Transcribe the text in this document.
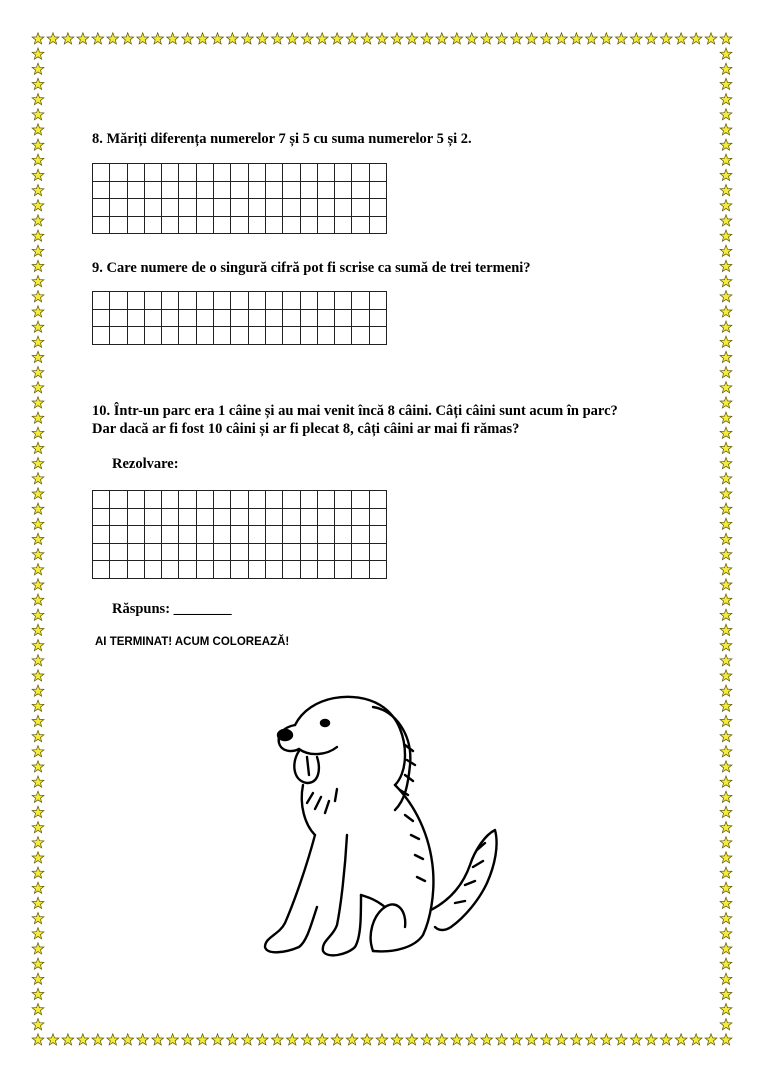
8. Măriți diferența numerelor 7 și 5 cu suma numerelor 5 și 2.
9. Care numere de o singură cifră pot fi scrise ca sumă de trei termeni?
10. Într-un parc era 1 câine și au mai venit încă 8 câini. Câți câini sunt acum în parc?
Dar dacă ar fi fost 10 câini și ar fi plecat 8, câți câini ar mai fi rămas?
Rezolvare:
Răspuns: ________
AI TERMINAT! ACUM COLOREAZĂ!
